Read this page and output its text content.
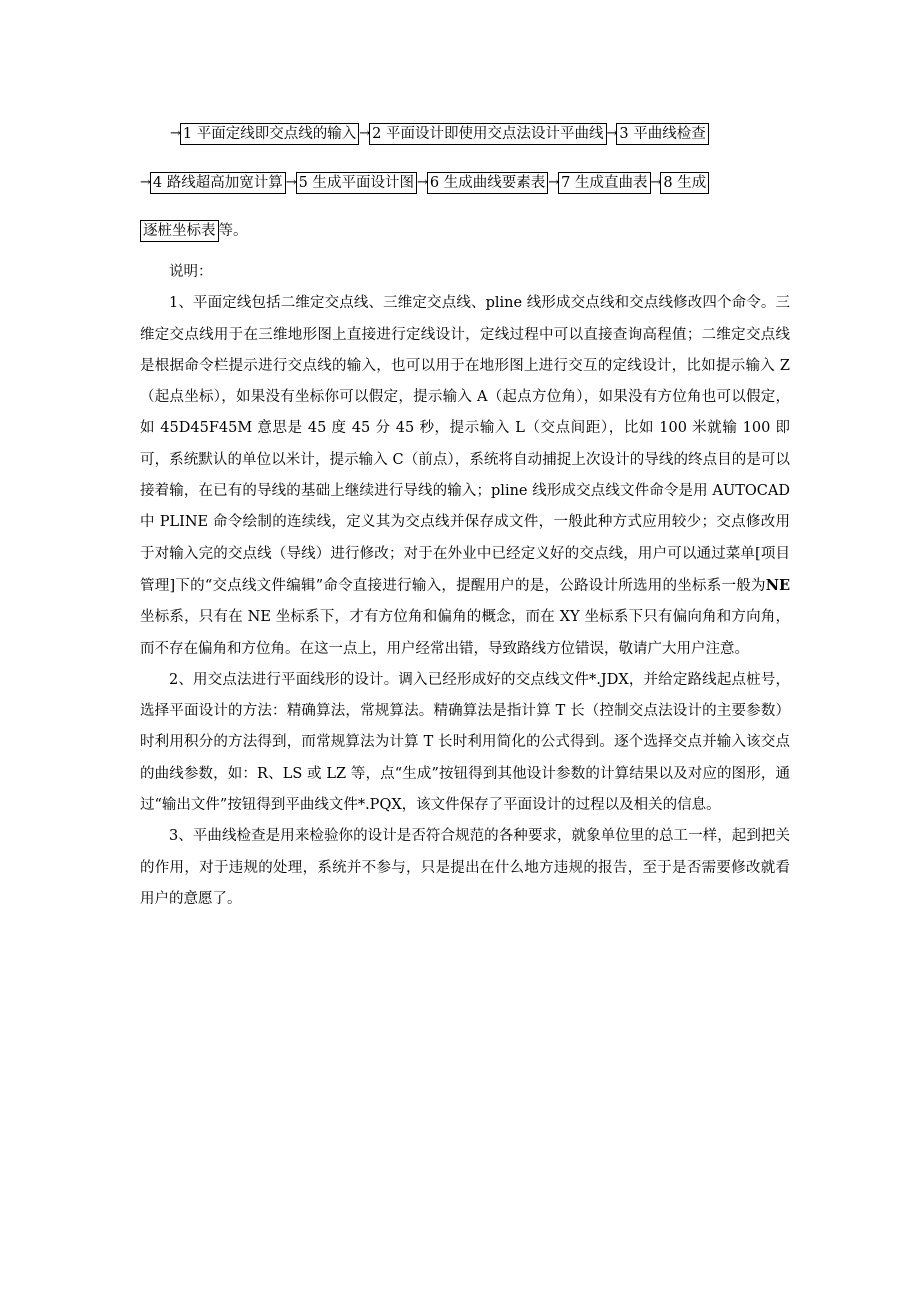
→ 1 平面定线即交点线的输入 → 2 平面设计即使用交点法设计平曲线 → 3 平曲线检查
→ 4 路线超高加宽计算 → 5 生成平面设计图 → 6 生成曲线要素表 → 7 生成直曲表 → 8 生成
逐桩坐标表 等。

说明：

1、平面定线包括二维定交点线、三维定交点线、pline 线形成交点线和交点线修改四个命令。三维定交点线用于在三维地形图上直接进行定线设计，定线过程中可以直接查询高程值；二维定交点线是根据命令栏提示进行交点线的输入，也可以用于在地形图上进行交互的定线设计，比如提示输入 Z（起点坐标），如果没有坐标你可以假定，提示输入 A（起点方位角），如果没有方位角也可以假定，如 45D45F45M 意思是 45 度 45 分 45 秒，提示输入 L（交点间距），比如 100 米就输 100 即可，系统默认的单位以米计，提示输入 C（前点），系统将自动捕捉上次设计的导线的终点目的是可以接着输，在已有的导线的基础上继续进行导线的输入；pline 线形成交点线文件命令是用 AUTOCAD 中 PLINE 命令绘制的连续线，定义其为交点线并保存成文件，一般此种方式应用较少；交点修改用于对输入完的交点线（导线）进行修改；对于在外业中已经定义好的交点线，用户可以通过菜单[项目管理]下的“交点线文件编辑”命令直接进行输入，提醒用户的是，公路设计所选用的坐标系一般为NE 坐标系，只有在 NE 坐标系下，才有方位角和偏角的概念，而在 XY 坐标系下只有偏向角和方向角，而不存在偏角和方位角。在这一点上，用户经常出错，导致路线方位错误，敬请广大用户注意。

2、用交点法进行平面线形的设计。调入已经形成好的交点线文件*.JDX，并给定路线起点桩号，选择平面设计的方法：精确算法，常规算法。精确算法是指计算 T 长（控制交点法设计的主要参数）时利用积分的方法得到，而常规算法为计算 T 长时利用简化的公式得到。逐个选择交点并输入该交点的曲线参数，如：R、LS 或 LZ 等，点“生成”按钮得到其他设计参数的计算结果以及对应的图形，通过“输出文件”按钮得到平曲线文件*.PQX，该文件保存了平面设计的过程以及相关的信息。

3、平曲线检查是用来检验你的设计是否符合规范的各种要求，就象单位里的总工一样，起到把关的作用，对于违规的处理，系统并不参与，只是提出在什么地方违规的报告，至于是否需要修改就看用户的意愿了。
